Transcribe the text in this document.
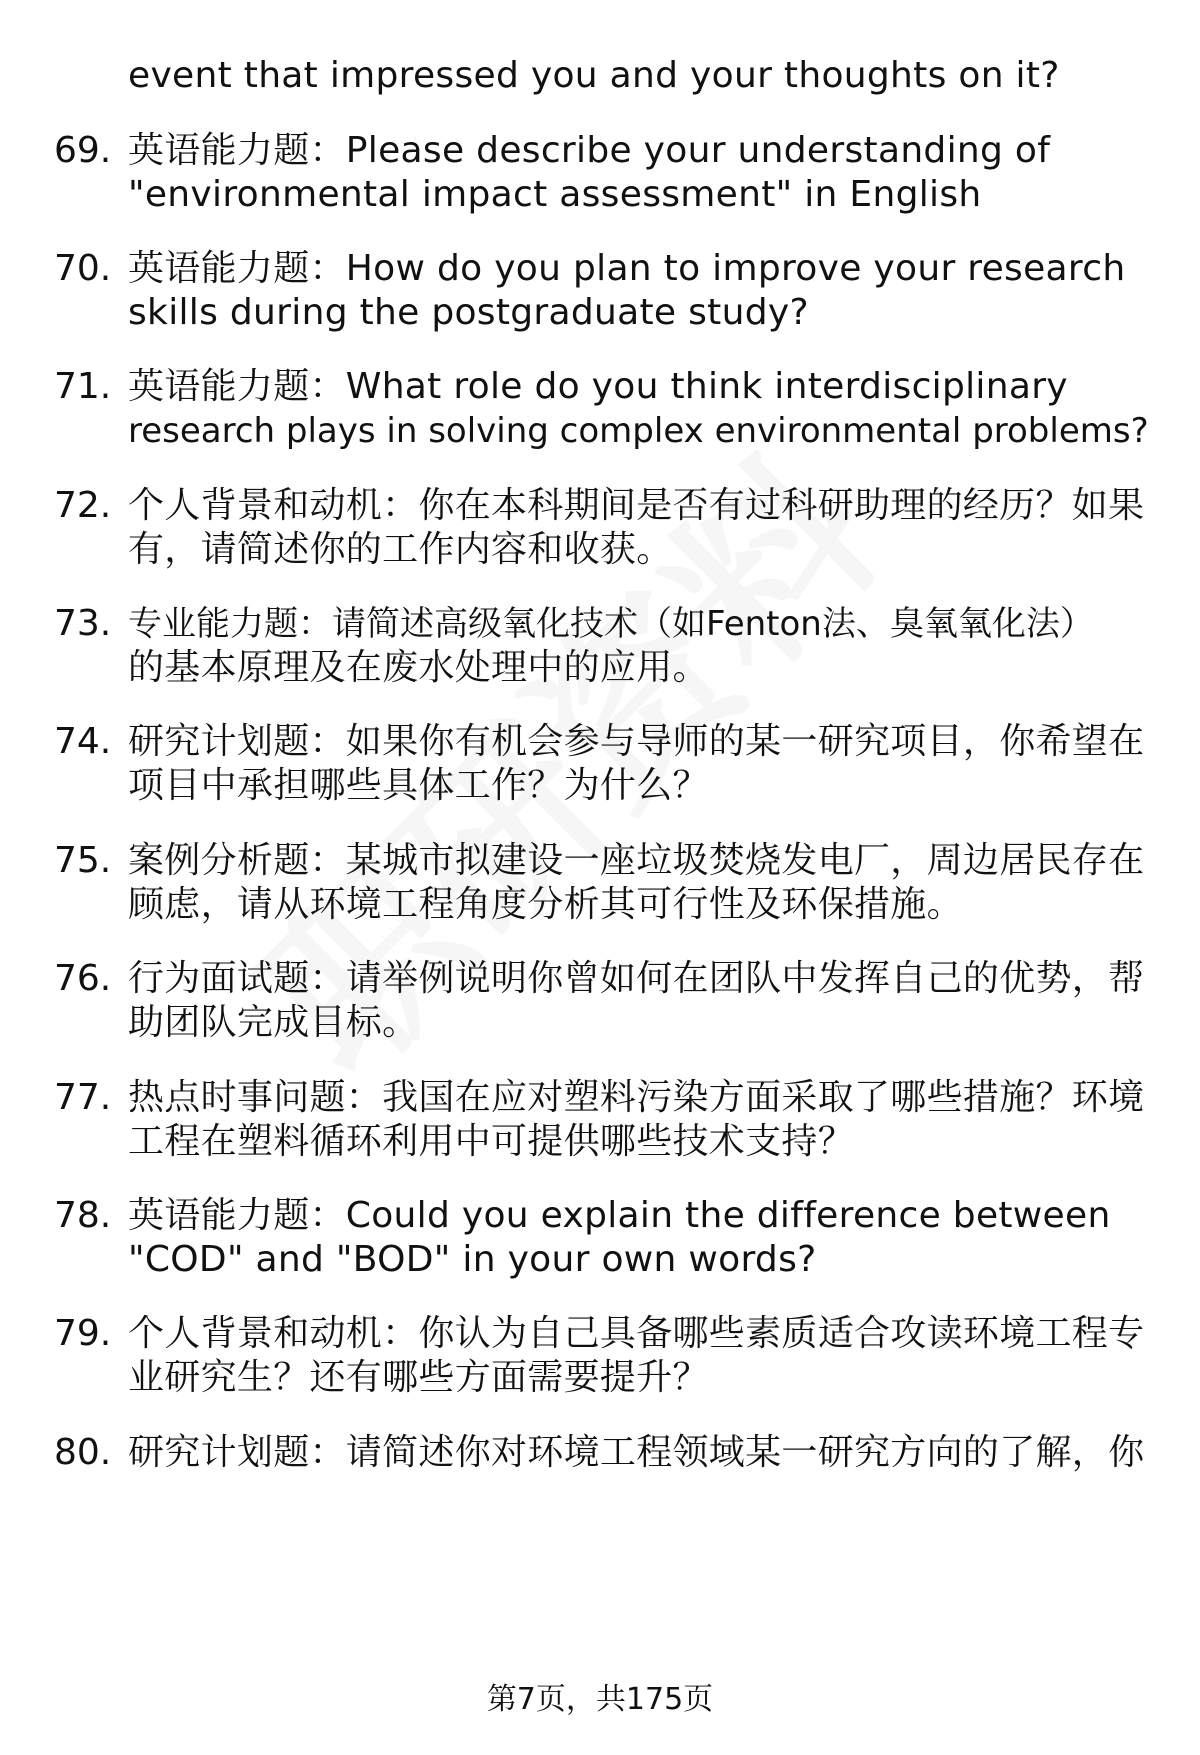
event that impressed you and your thoughts on it?
69. 英语能力题：Please describe your understanding of
"environmental impact assessment" in English
70. 英语能力题：How do you plan to improve your research
skills during the postgraduate study?
71. 英语能力题：What role do you think interdisciplinary
research plays in solving complex environmental problems?
72. 个人背景和动机：你在本科期间是否有过科研助理的经历？如果
有，请简述你的工作内容和收获。
73. 专业能力题：请简述高级氧化技术（如Fenton法、臭氧氧化法）
的基本原理及在废水处理中的应用。
74. 研究计划题：如果你有机会参与导师的某一研究项目，你希望在
项目中承担哪些具体工作？为什么？
75. 案例分析题：某城市拟建设一座垃圾焚烧发电厂，周边居民存在
顾虑，请从环境工程角度分析其可行性及环保措施。
76. 行为面试题：请举例说明你曾如何在团队中发挥自己的优势，帮
助团队完成目标。
77. 热点时事问题：我国在应对塑料污染方面采取了哪些措施？环境
工程在塑料循环利用中可提供哪些技术支持？
78. 英语能力题：Could you explain the difference between
"COD" and "BOD" in your own words?
79. 个人背景和动机：你认为自己具备哪些素质适合攻读环境工程专
业研究生？还有哪些方面需要提升？
80. 研究计划题：请简述你对环境工程领域某一研究方向的了解，你
第7页，共175页
